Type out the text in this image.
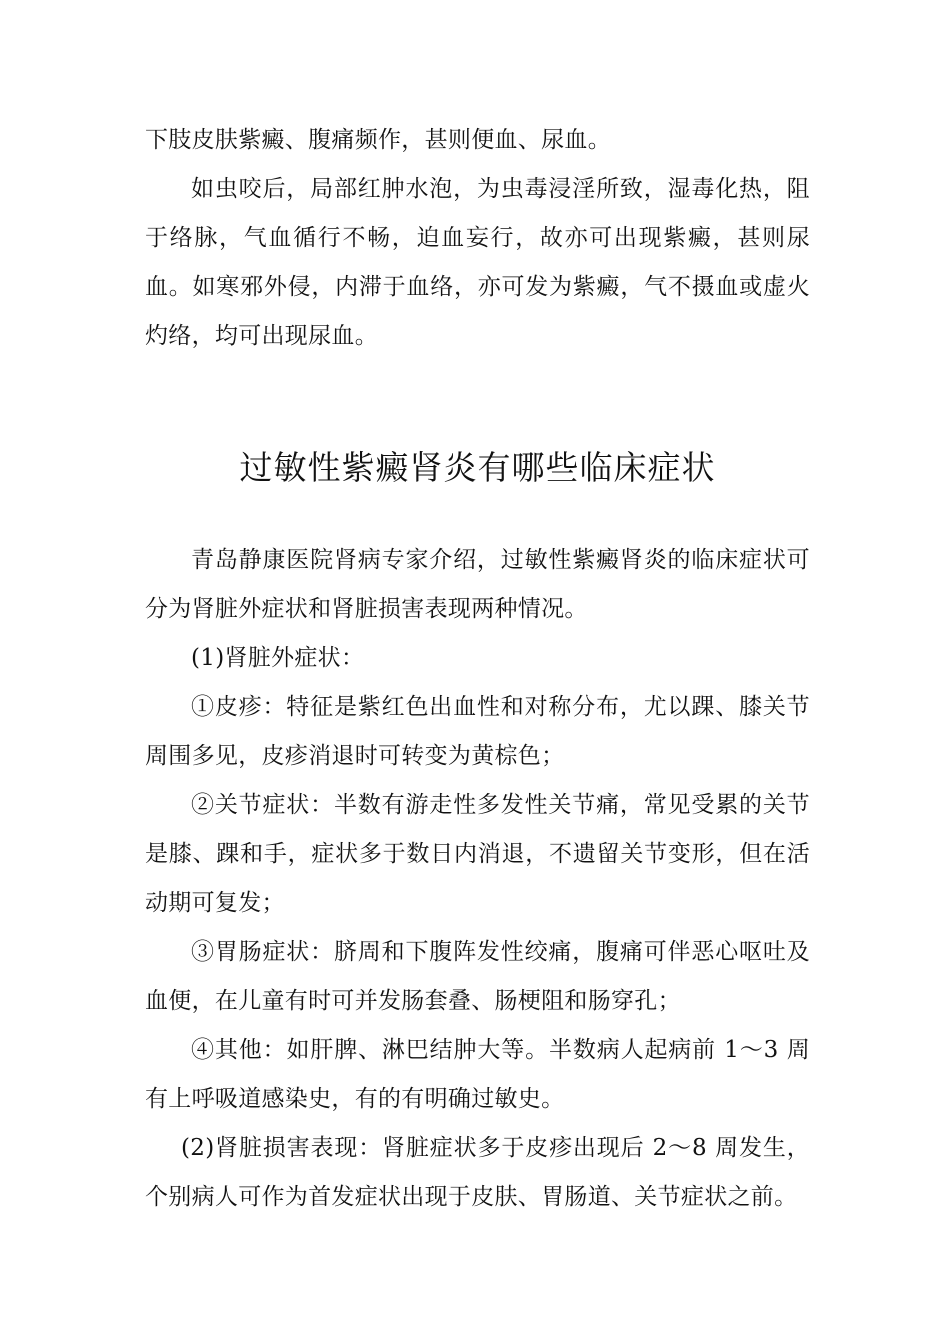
下肢皮肤紫癜、腹痛频作，甚则便血、尿血。

如虫咬后，局部红肿水泡，为虫毒浸淫所致，湿毒化热，阻于络脉，气血循行不畅，迫血妄行，故亦可出现紫癜，甚则尿血。如寒邪外侵，内滞于血络，亦可发为紫癜，气不摄血或虚火灼络，均可出现尿血。

过敏性紫癜肾炎有哪些临床症状

青岛静康医院肾病专家介绍，过敏性紫癜肾炎的临床症状可分为肾脏外症状和肾脏损害表现两种情况。

(1)肾脏外症状：

①皮疹：特征是紫红色出血性和对称分布，尤以踝、膝关节周围多见，皮疹消退时可转变为黄棕色；

②关节症状：半数有游走性多发性关节痛，常见受累的关节是膝、踝和手，症状多于数日内消退，不遗留关节变形，但在活动期可复发；

③胃肠症状：脐周和下腹阵发性绞痛，腹痛可伴恶心呕吐及血便，在儿童有时可并发肠套叠、肠梗阻和肠穿孔；

④其他：如肝脾、淋巴结肿大等。半数病人起病前 1～3 周有上呼吸道感染史，有的有明确过敏史。

(2)肾脏损害表现：肾脏症状多于皮疹出现后 2～8 周发生，个别病人可作为首发症状出现于皮肤、胃肠道、关节症状之前。
